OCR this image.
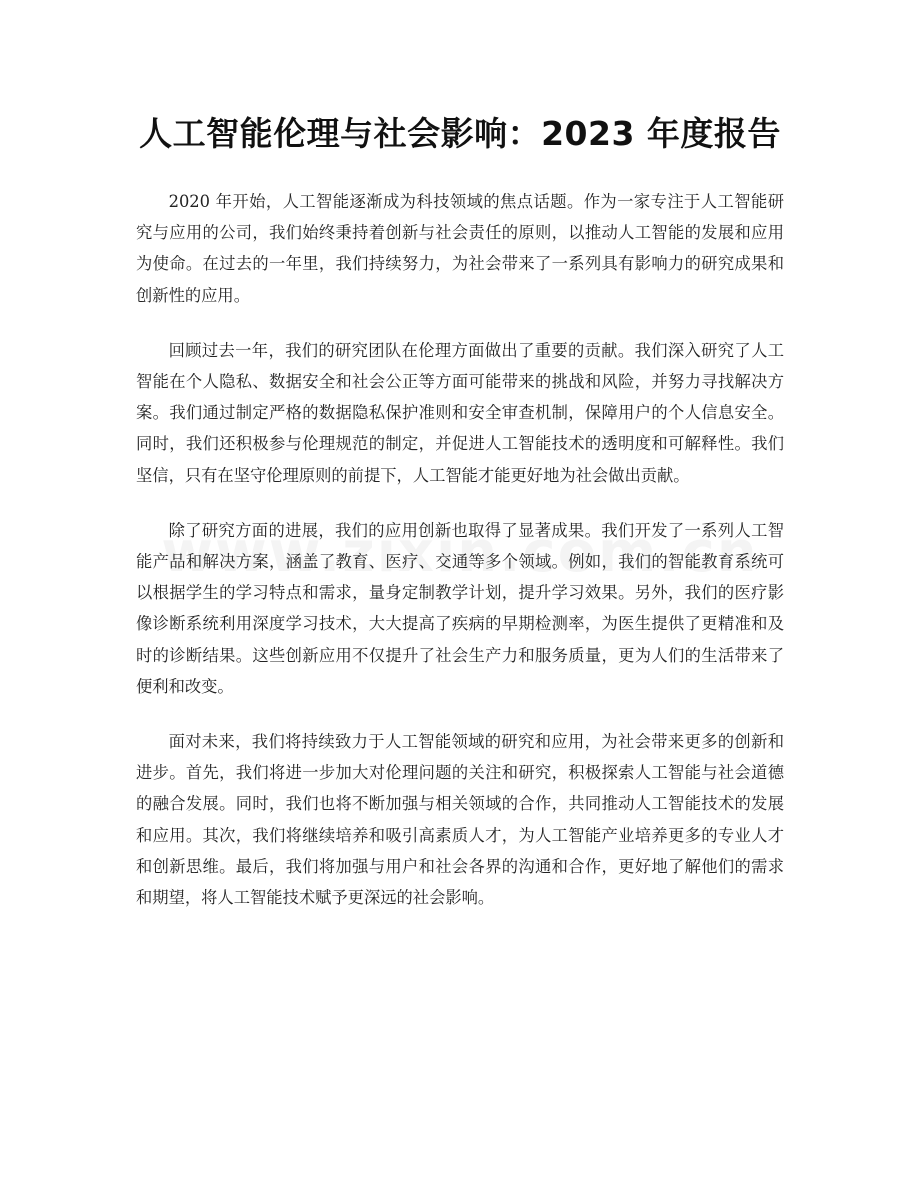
人工智能伦理与社会影响：2023 年度报告

2020 年开始，人工智能逐渐成为科技领域的焦点话题。作为一家专注于人工智能研究与应用的公司，我们始终秉持着创新与社会责任的原则，以推动人工智能的发展和应用为使命。在过去的一年里，我们持续努力，为社会带来了一系列具有影响力的研究成果和创新性的应用。

回顾过去一年，我们的研究团队在伦理方面做出了重要的贡献。我们深入研究了人工智能在个人隐私、数据安全和社会公正等方面可能带来的挑战和风险，并努力寻找解决方案。我们通过制定严格的数据隐私保护准则和安全审查机制，保障用户的个人信息安全。同时，我们还积极参与伦理规范的制定，并促进人工智能技术的透明度和可解释性。我们坚信，只有在坚守伦理原则的前提下，人工智能才能更好地为社会做出贡献。

除了研究方面的进展，我们的应用创新也取得了显著成果。我们开发了一系列人工智能产品和解决方案，涵盖了教育、医疗、交通等多个领域。例如，我们的智能教育系统可以根据学生的学习特点和需求，量身定制教学计划，提升学习效果。另外，我们的医疗影像诊断系统利用深度学习技术，大大提高了疾病的早期检测率，为医生提供了更精准和及时的诊断结果。这些创新应用不仅提升了社会生产力和服务质量，更为人们的生活带来了便利和改变。

面对未来，我们将持续致力于人工智能领域的研究和应用，为社会带来更多的创新和进步。首先，我们将进一步加大对伦理问题的关注和研究，积极探索人工智能与社会道德的融合发展。同时，我们也将不断加强与相关领域的合作，共同推动人工智能技术的发展和应用。其次，我们将继续培养和吸引高素质人才，为人工智能产业培养更多的专业人才和创新思维。最后，我们将加强与用户和社会各界的沟通和合作，更好地了解他们的需求和期望，将人工智能技术赋予更深远的社会影响。
